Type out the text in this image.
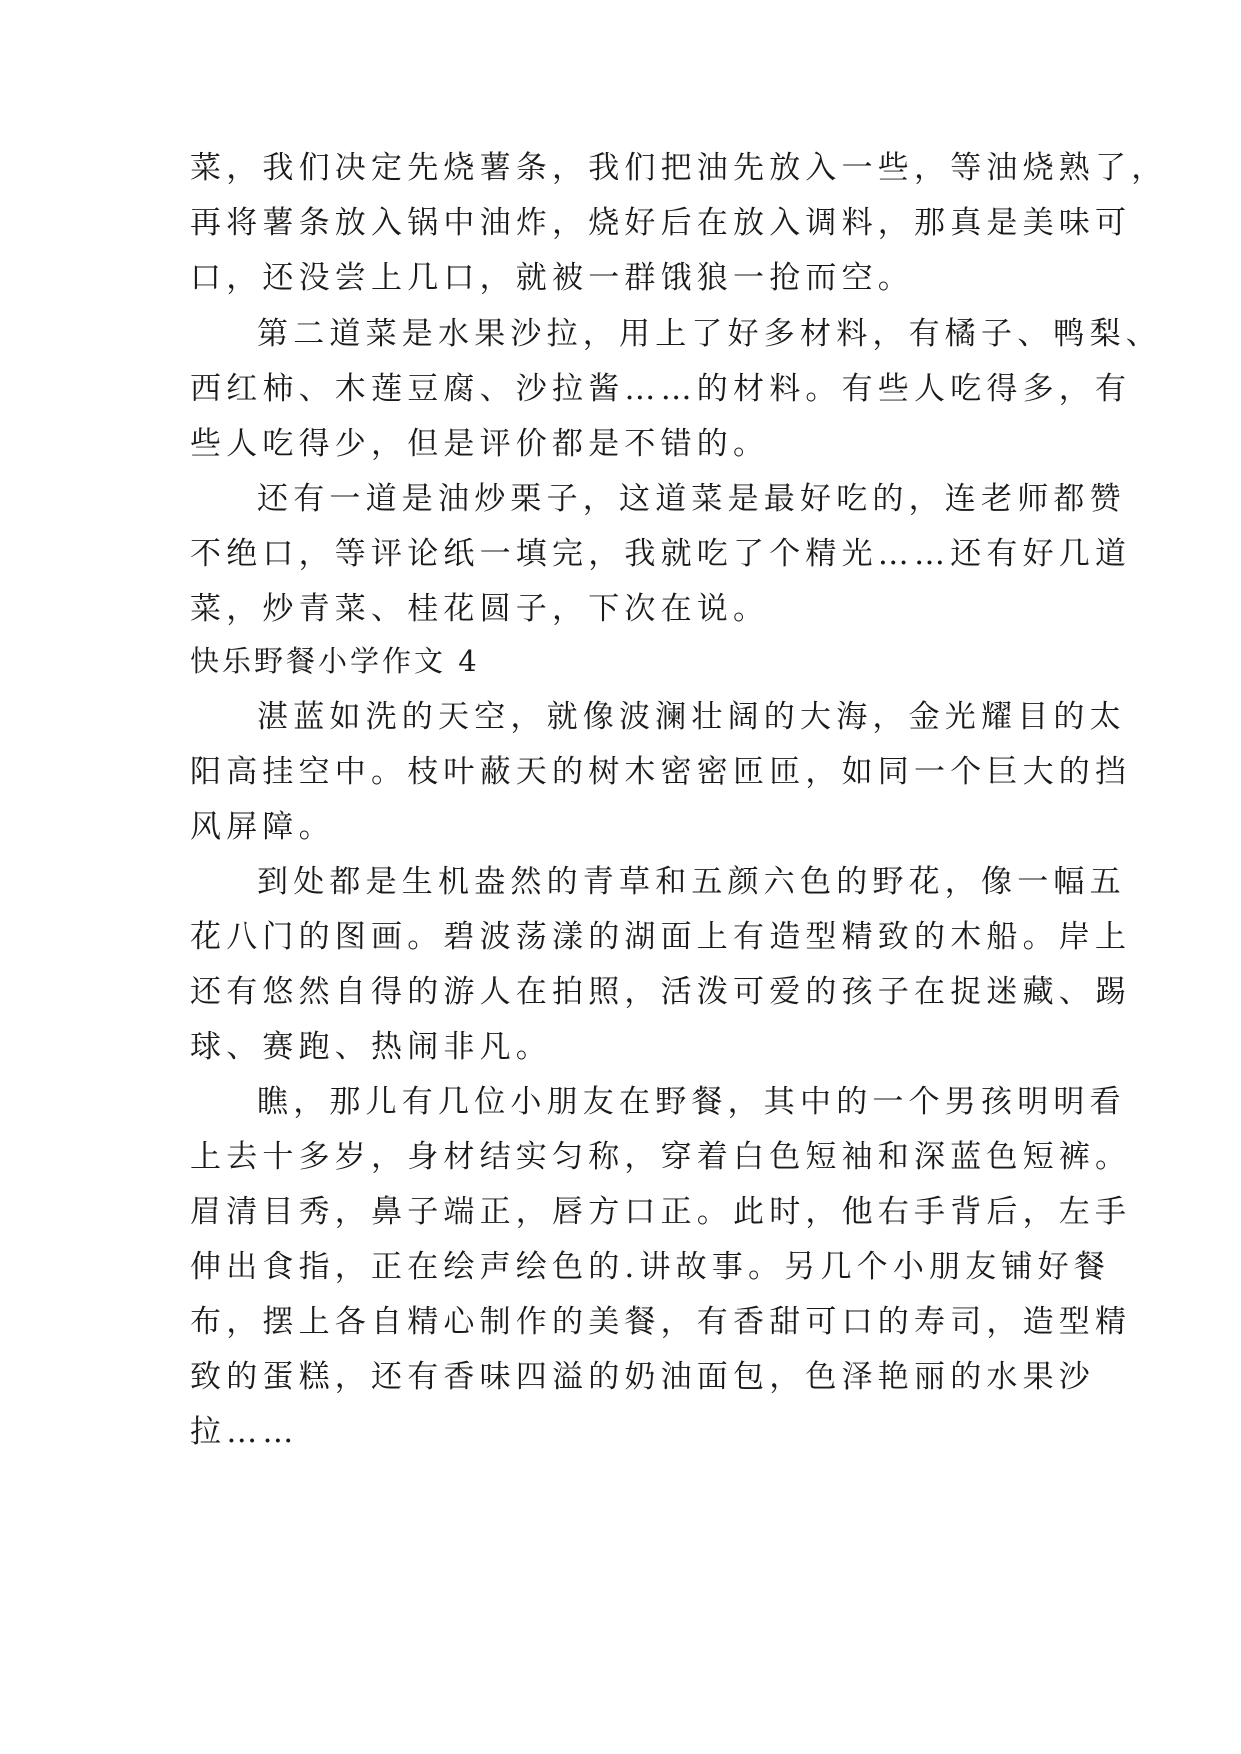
菜，我们决定先烧薯条，我们把油先放入一些，等油烧熟了，
再将薯条放入锅中油炸，烧好后在放入调料，那真是美味可
口，还没尝上几口，就被一群饿狼一抢而空。
第二道菜是水果沙拉，用上了好多材料，有橘子、鸭梨、
西红柿、木莲豆腐、沙拉酱……的材料。有些人吃得多，有
些人吃得少，但是评价都是不错的。
还有一道是油炒栗子，这道菜是最好吃的，连老师都赞
不绝口，等评论纸一填完，我就吃了个精光……还有好几道
菜，炒青菜、桂花圆子，下次在说。
快乐野餐小学作文 4
湛蓝如洗的天空，就像波澜壮阔的大海，金光耀目的太
阳高挂空中。枝叶蔽天的树木密密匝匝，如同一个巨大的挡
风屏障。
到处都是生机盎然的青草和五颜六色的野花，像一幅五
花八门的图画。碧波荡漾的湖面上有造型精致的木船。岸上
还有悠然自得的游人在拍照，活泼可爱的孩子在捉迷藏、踢
球、赛跑、热闹非凡。
瞧，那儿有几位小朋友在野餐，其中的一个男孩明明看
上去十多岁，身材结实匀称，穿着白色短袖和深蓝色短裤。
眉清目秀，鼻子端正，唇方口正。此时，他右手背后，左手
伸出食指，正在绘声绘色的.讲故事。另几个小朋友铺好餐
布，摆上各自精心制作的美餐，有香甜可口的寿司，造型精
致的蛋糕，还有香味四溢的奶油面包，色泽艳丽的水果沙
拉……
